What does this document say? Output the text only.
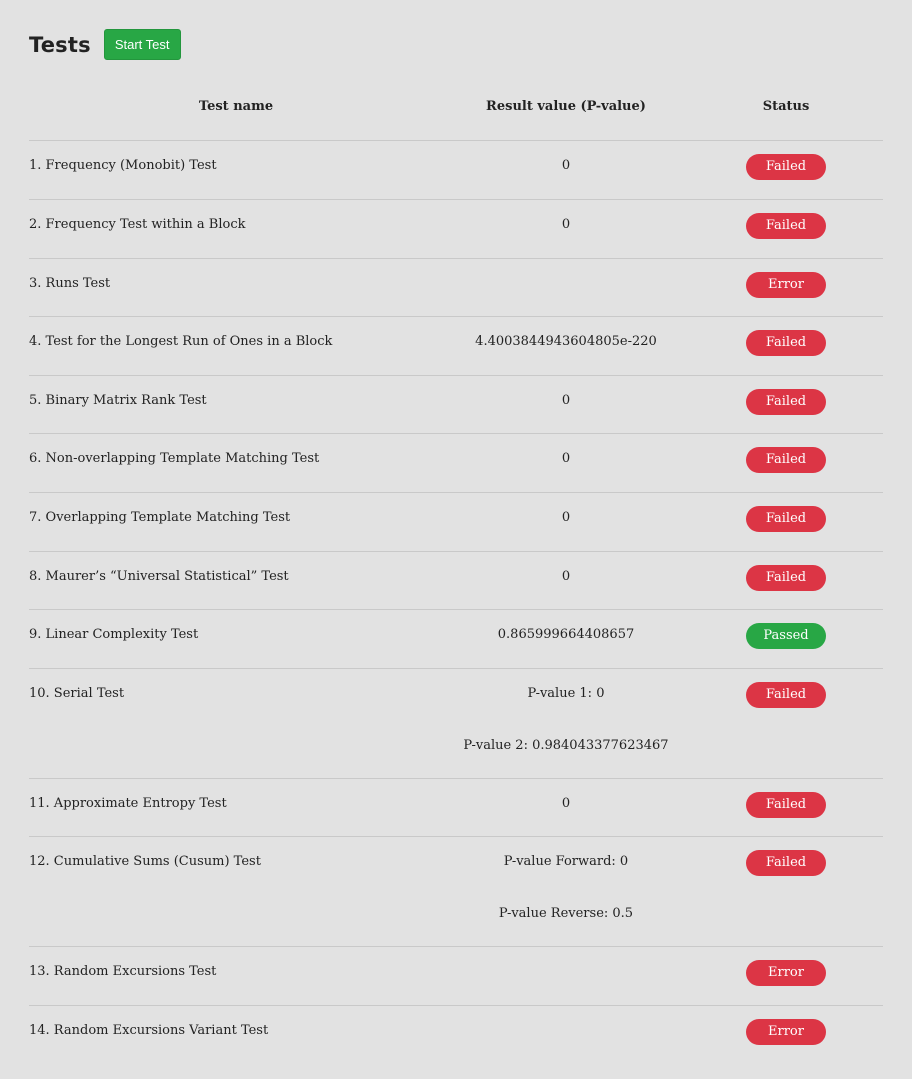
Tests	Start Test
Test name	Result value (P-value)	Status

1. Frequency (Monobit) Test	0	Failed

2. Frequency Test within a Block	0	Failed

3. Runs Test		Error

4. Test for the Longest Run of Ones in a Block	4.4003844943604805e-220	Failed

5. Binary Matrix Rank Test	0	Failed

6. Non-overlapping Template Matching Test	0	Failed

7. Overlapping Template Matching Test	0	Failed

8. Maurer’s “Universal Statistical” Test	0	Failed

9. Linear Complexity Test	0.865999664408657	Passed

10. Serial Test	P-value 1: 0
P-value 2: 0.984043377623467	Failed

11. Approximate Entropy Test	0	Failed

12. Cumulative Sums (Cusum) Test	P-value Forward: 0
P-value Reverse: 0.5	Failed

13. Random Excursions Test		Error

14. Random Excursions Variant Test		Error
